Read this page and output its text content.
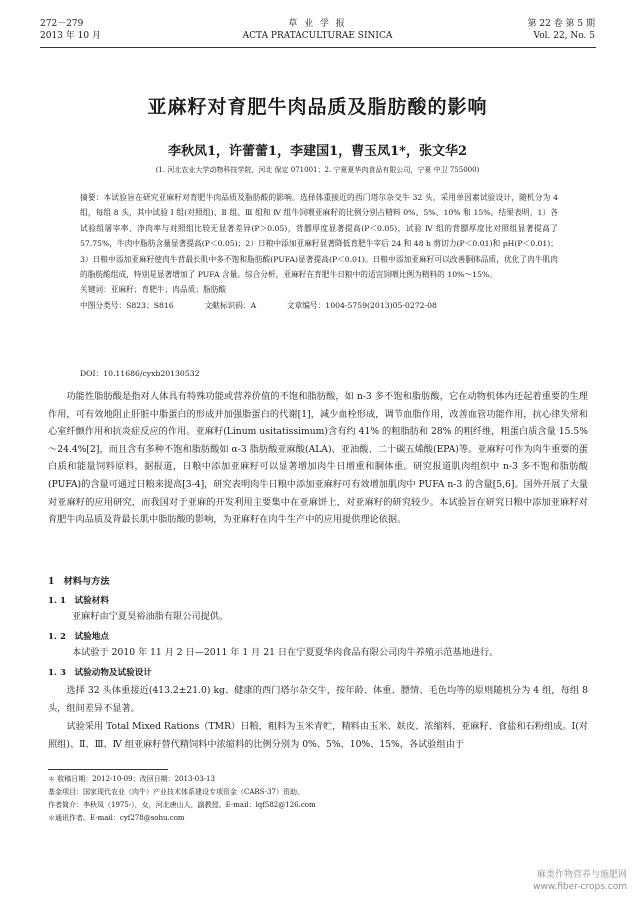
272－279
2013 年 10 月
草 业 学 报
ACTA PRATACULTURAE SINICA
第 22 卷 第 5 期
Vol. 22, No. 5
亚麻籽对育肥牛肉品质及脂肪酸的影响
李秋凤1，许蕾蕾1，李建国1，曹玉凤1*，张文华2
(1. 河北农业大学动物科技学院，河北 保定 071001；2. 宁夏夏华肉食品有限公司，宁夏 中卫 755000)
摘要：本试验旨在研究亚麻籽对育肥牛肉品质及脂肪酸的影响。选择体重接近的西门塔尔杂交牛 32 头，采用单因素试验设计，随机分为 4 组，每组 8 头，其中试验 Ⅰ 组(对照组)、Ⅱ 组、Ⅲ 组和 Ⅳ 组牛饲喂亚麻籽的比例分别占精料 0%、5%、10% 和 15%。结果表明，1）各试验组屠宰率、净肉率与对照组比较无显著差异(P＞0.05)，背膘厚度显著提高(P＜0.05)，试验 Ⅳ 组的背膘厚度比对照组显著提高了 57.75%，牛肉中脂肪含量显著提高(P＜0.05)；2）日粮中添加亚麻籽显著降低育肥牛宰后 24 和 48 h 剪切力(P＜0.01)和 pH(P＜0.01)；3）日粮中添加亚麻籽使肉牛背最长肌中多不饱和脂肪酸(PUFA)显著提高(P＜0.01)。日粮中添加亚麻籽可以改善胴体品质，优化了肉牛肌肉的脂肪酸组成，特别是显著增加了 PUFA 含量。综合分析，亚麻籽在育肥牛日粮中的适宜饲喂比例为精料的 10%～15%。
关键词：亚麻籽；育肥牛；肉品质；脂肪酸
中图分类号：S823；S816　　　　文献标识码：A　　　　文章编号：1004-5759(2013)05-0272-08
DOI：10.11686/cyxb20130532

功能性脂肪酸是指对人体具有特殊功能或营养价值的不饱和脂肪酸，如 n-3 多不饱和脂肪酸，它在动物机体内还起着重要的生理作用，可有效地阻止肝脏中脂蛋白的形成并加强脂蛋白的代谢[1]，减少血栓形成，调节血脂作用，改善血管功能作用，抗心律失常和心室纤颤作用和抗炎症反应的作用。亚麻籽(Linum usitatissimum)含有约 41% 的粗脂肪和 28% 的粗纤维，粗蛋白质含量 15.5%～24.4%[2]，而且含有多种不饱和脂肪酸如 α-3 脂肪酸亚麻酸(ALA)、亚油酸、二十碳五烯酸(EPA)等。亚麻籽可作为肉牛重要的蛋白质和能量饲料原料，据报道，日粮中添加亚麻籽可以显著增加肉牛日增重和胴体重。研究报道肌肉组织中 n-3 多不饱和脂肪酸(PUFA)的含量可通过日粮来提高[3-4]，研究表明肉牛日粮中添加亚麻籽可有效增加肌肉中 PUFA n-3 的含量[5,6]。国外开展了大量对亚麻籽的应用研究，而我国对于亚麻的开发利用主要集中在亚麻饼上，对亚麻籽的研究较少。本试验旨在研究日粮中添加亚麻籽对育肥牛肉品质及背最长肌中脂肪酸的影响，为亚麻籽在肉牛生产中的应用提供理论依据。

1　材料与方法
1. 1　试验材料
亚麻籽由宁夏昊裕油脂有限公司提供。
1. 2　试验地点
本试验于 2010 年 11 月 2 日—2011 年 1 月 21 日在宁夏夏华肉食品有限公司肉牛养殖示范基地进行。
1. 3　试验动物及试验设计
选择 32 头体重接近(413.2±21.0) kg、健康的西门塔尔杂交牛，按年龄、体重、膘情、毛色均等的原则随机分为 4 组，每组 8 头，组间差异不显著。
试验采用 Total Mixed Rations（TMR）日粮，粗料为玉米青贮，精料由玉米、麸皮、浓缩料、亚麻籽、食盐和石粉组成。Ⅰ(对照组)、Ⅱ、Ⅲ、Ⅳ 组亚麻籽替代精饲料中浓缩料的比例分别为 0%、5%、10%、15%，各试验组由于
＊ 收稿日期：2012-10-09；改回日期：2013-03-13
基金项目：国家现代农业（肉牛）产业技术体系建设专项资金（CARS-37）资助。
作者简介：李秋凤（1975-），女，河北唐山人，副教授。E-mail：lqf582@126.com
＊通讯作者。E-mail：cyf278@sohu.com
麻类作物营养与施肥网
www.fiber-crops.com
